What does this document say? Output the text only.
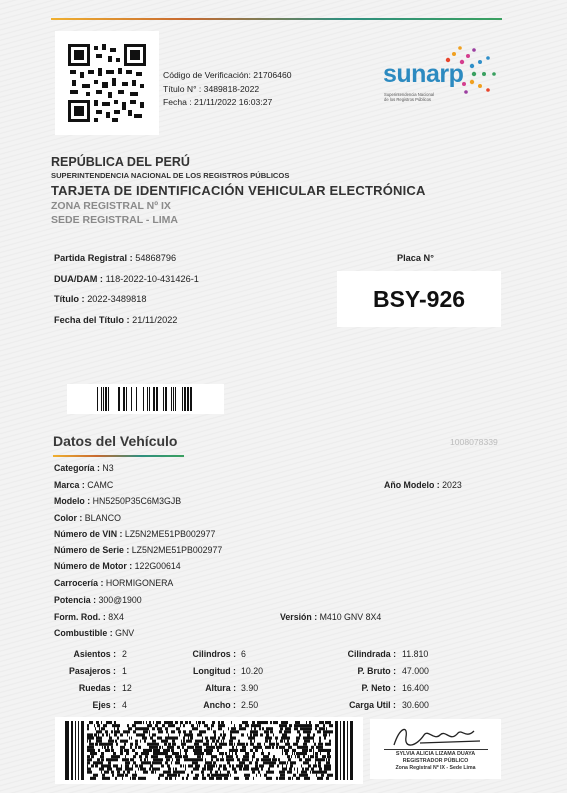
Código de Verificación: 21706460
Título N° : 3489818-2022
Fecha : 21/11/2022 16:03:27
sunarp
Superintendencia Nacional
de los Registros Públicos
REPÚBLICA DEL PERÚ
SUPERINTENDENCIA NACIONAL DE LOS REGISTROS PÚBLICOS
TARJETA DE IDENTIFICACIÓN VEHICULAR ELECTRÓNICA
ZONA REGISTRAL Nº IX
SEDE REGISTRAL - LIMA
Partida Registral : 54868796
DUA/DAM : 118-2022-10-431426-1
Título : 2022-3489818
Fecha del Título : 21/11/2022
Placa N°
BSY-926
Datos del Vehículo	1008078339
Categoría : N3
Marca : CAMC	Año Modelo : 2023
Modelo : HN5250P35C6M3GJB
Color : BLANCO
Número de VIN : LZ5N2ME51PB002977
Número de Serie : LZ5N2ME51PB002977
Número de Motor : 122G00614
Carrocería : HORMIGONERA
Potencia : 300@1900
Form. Rod. : 8X4	Versión : M410 GNV 8X4
Combustible : GNV
Asientos : 2	Cilindros : 6	Cilindrada : 11.810
Pasajeros : 1	Longitud : 10.20	P. Bruto : 47.000
Ruedas : 12	Altura : 3.90	P. Neto : 16.400
Ejes : 4	Ancho : 2.50	Carga Util : 30.600
SYLVIA ALICIA LIZAMA DUAYA
REGISTRADOR PÚBLICO
Zona Registral Nº IX - Sede Lima
